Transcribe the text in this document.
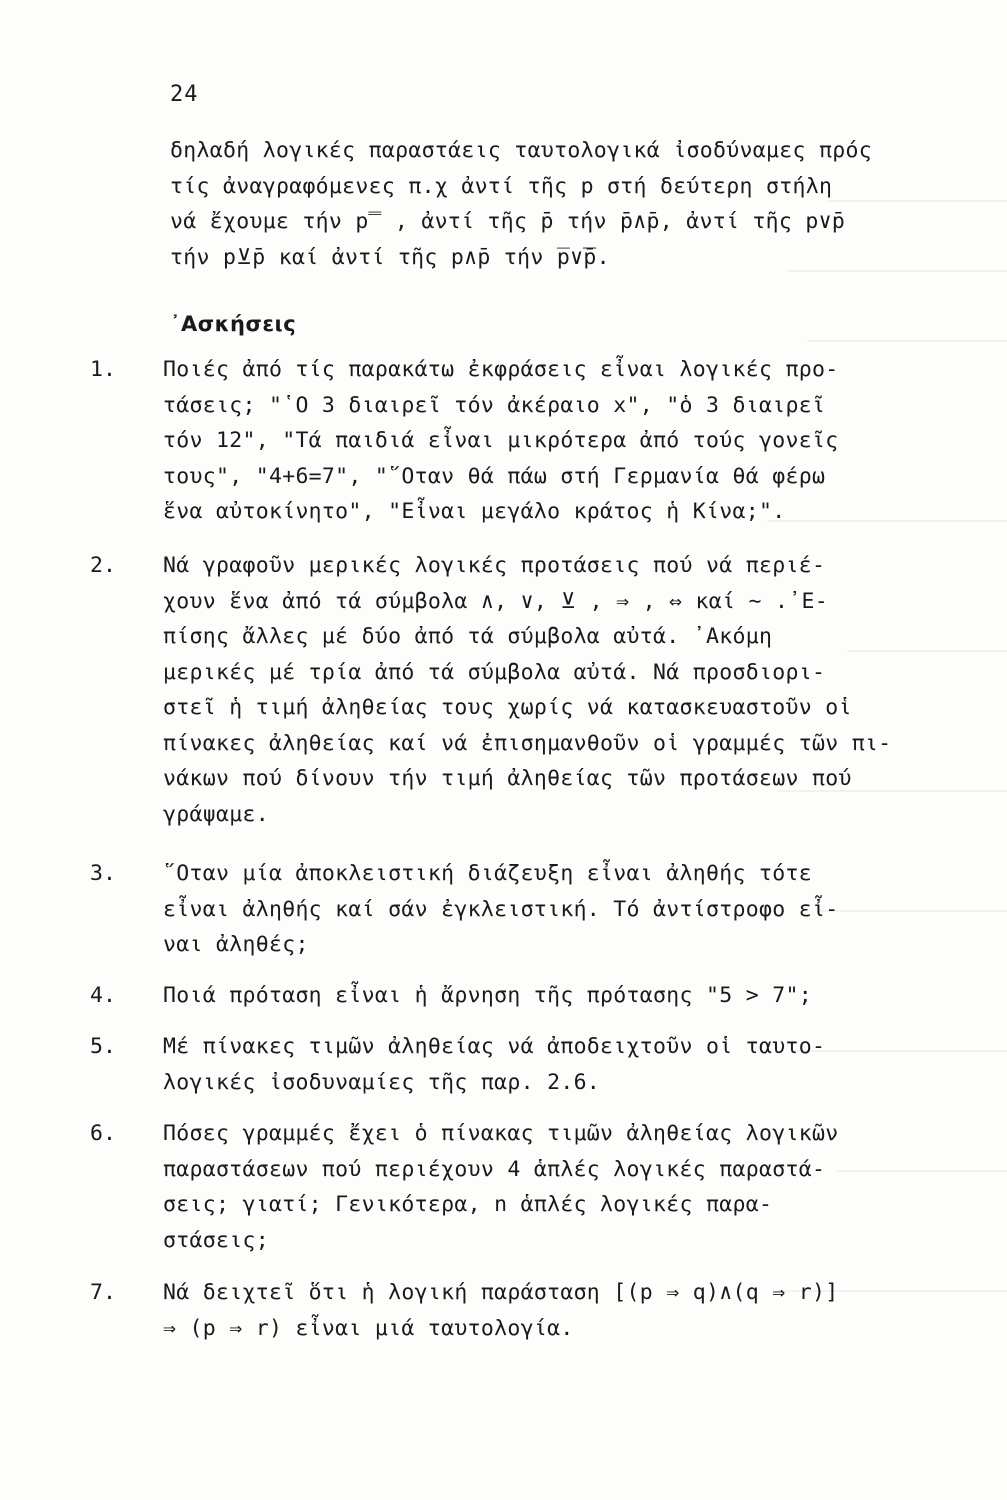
24

δηλαδή λογικές παραστάεις ταυτολογικά ἰσοδύναμες πρός

τίς ἀναγραφόμενες π.χ ἀντί τῆς p στή δεύτερη στήλη

νά ἔχουμε τήν p̿ , ἀντί τῆς p̄ τήν p̄∧p̄, ἀντί τῆς p∨p̄

τήν p⊻p̄ καί ἀντί τῆς p∧p̄ τήν p̅∨̅p̅̄.

᾿Ασκήσεις
1. Ποιές ἀπό τίς παρακάτω ἐκφράσεις εἶναι λογικές προ-
τάσεις; "῾Ο 3 διαιρεῖ τόν ἀκέραιο x", "ὁ 3 διαιρεῖ
τόν 12", "Τά παιδιά εἶναι μικρότερα ἀπό τούς γονεῖς
τους", "4+6=7", "῞Οταν θά πάω στή Γερμανία θά φέρω
ἕνα αὐτοκίνητο", "Εἶναι μεγάλο κράτος ἡ Κίνα;".
2. Νά γραφοῦν μερικές λογικές προτάσεις πού νά περιέ-
χουν ἕνα ἀπό τά σύμβολα ∧, ∨, ⊻ , ⇒ , ⇔ καί ∼ .᾿Ε-
πίσης ἄλλες μέ δύο ἀπό τά σύμβολα αὐτά. ᾿Ακόμη
μερικές μέ τρία ἀπό τά σύμβολα αὐτά. Νά προσδιορι-
στεῖ ἡ τιμή ἀληθείας τους χωρίς νά κατασκευαστοῦν οἱ
πίνακες ἀληθείας καί νά ἐπισημανθοῦν οἱ γραμμές τῶν πι-
νάκων πού δίνουν τήν τιμή ἀληθείας τῶν προτάσεων πού
γράψαμε.
3. ῞Οταν μία ἀποκλειστική διάζευξη εἶναι ἀληθής τότε
εἶναι ἀληθής καί σάν ἐγκλειστική. Τό ἀντίστροφο εἶ-
ναι ἀληθές;
4. Ποιά πρόταση εἶναι ἡ ἄρνηση τῆς πρότασης "5 > 7";
5. Μέ πίνακες τιμῶν ἀληθείας νά ἀποδειχτοῦν οἱ ταυτο-
λογικές ἰσοδυναμίες τῆς παρ. 2.6.
6. Πόσες γραμμές ἔχει ὁ πίνακας τιμῶν ἀληθείας λογικῶν
παραστάσεων πού περιέχουν 4 ἁπλές λογικές παραστά-
σεις; γιατί; Γενικότερα, n ἁπλές λογικές παρα-
στάσεις;
7. Νά δειχτεῖ ὅτι ἡ λογική παράσταση [(p ⇒ q)∧(q ⇒ r)]
⇒ (p ⇒ r) εἶναι μιά ταυτολογία.
